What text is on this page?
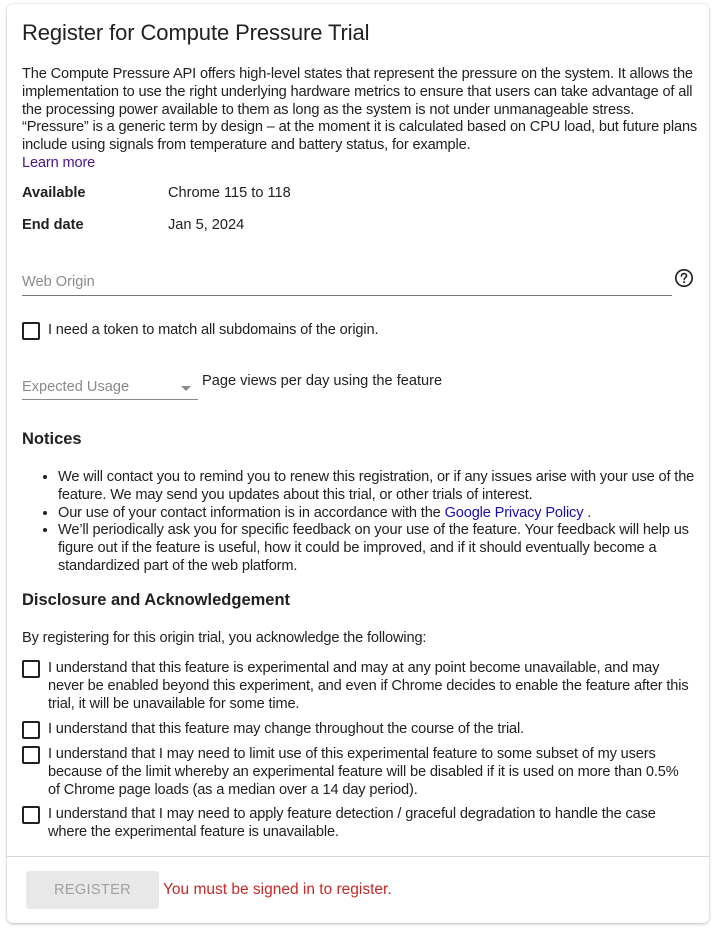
Register for Compute Pressure Trial
The Compute Pressure API offers high-level states that represent the pressure on the system. It allows the implementation to use the right underlying hardware metrics to ensure that users can take advantage of all the processing power available to them as long as the system is not under unmanageable stress. “Pressure” is a generic term by design – at the moment it is calculated based on CPU load, but future plans include using signals from temperature and battery status, for example.
Learn more
Available	Chrome 115 to 118
End date	Jan 5, 2024
Web Origin
I need a token to match all subdomains of the origin.
Expected Usage	Page views per day using the feature
Notices
• We will contact you to remind you to renew this registration, or if any issues arise with your use of the feature. We may send you updates about this trial, or other trials of interest.
• Our use of your contact information is in accordance with the Google Privacy Policy .
• We’ll periodically ask you for specific feedback on your use of the feature. Your feedback will help us figure out if the feature is useful, how it could be improved, and if it should eventually become a standardized part of the web platform.
Disclosure and Acknowledgement
By registering for this origin trial, you acknowledge the following:
I understand that this feature is experimental and may at any point become unavailable, and may never be enabled beyond this experiment, and even if Chrome decides to enable the feature after this trial, it will be unavailable for some time.
I understand that this feature may change throughout the course of the trial.
I understand that I may need to limit use of this experimental feature to some subset of my users because of the limit whereby an experimental feature will be disabled if it is used on more than 0.5% of Chrome page loads (as a median over a 14 day period).
I understand that I may need to apply feature detection / graceful degradation to handle the case where the experimental feature is unavailable.
REGISTER	You must be signed in to register.
